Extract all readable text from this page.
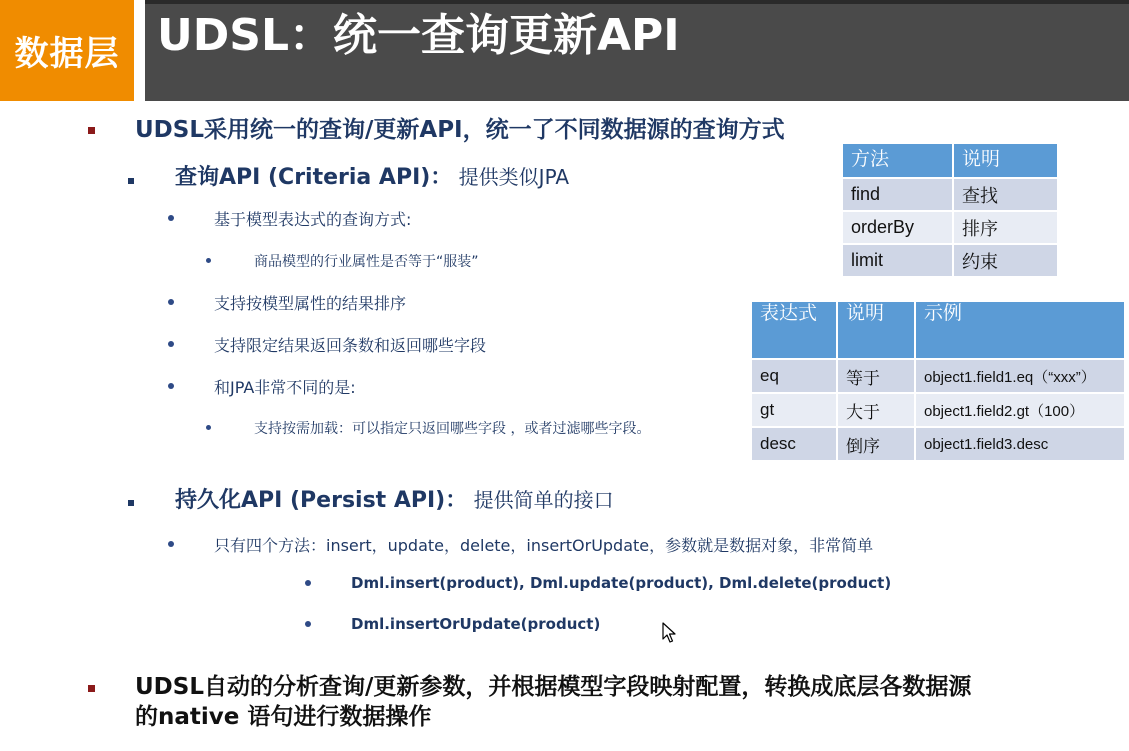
数据层 UDSL：统一查询更新API
UDSL采用统一的查询/更新API，统一了不同数据源的查询方式
查询API (Criteria API)： 提供类似JPA
基于模型表达式的查询方式:
商品模型的行业属性是否等于“服装”
支持按模型属性的结果排序
支持限定结果返回条数和返回哪些字段
和JPA非常不同的是:
支持按需加载：可以指定只返回哪些字段 ，或者过滤哪些字段。
持久化API (Persist API)： 提供简单的接口
只有四个方法：insert，update，delete，insertOrUpdate，参数就是数据对象，非常简单
Dml.insert(product), Dml.update(product), Dml.delete(product)
Dml.insertOrUpdate(product)
UDSL自动的分析查询/更新参数，并根据模型字段映射配置，转换成底层各数据源
的native 语句进行数据操作
方法	说明
find	查找
orderBy	排序
limit	约束
表达式	说明	示例
eq	等于	object1.field1.eq（“xxx”）
gt	大于	object1.field2.gt（100）
desc	倒序	object1.field3.desc
